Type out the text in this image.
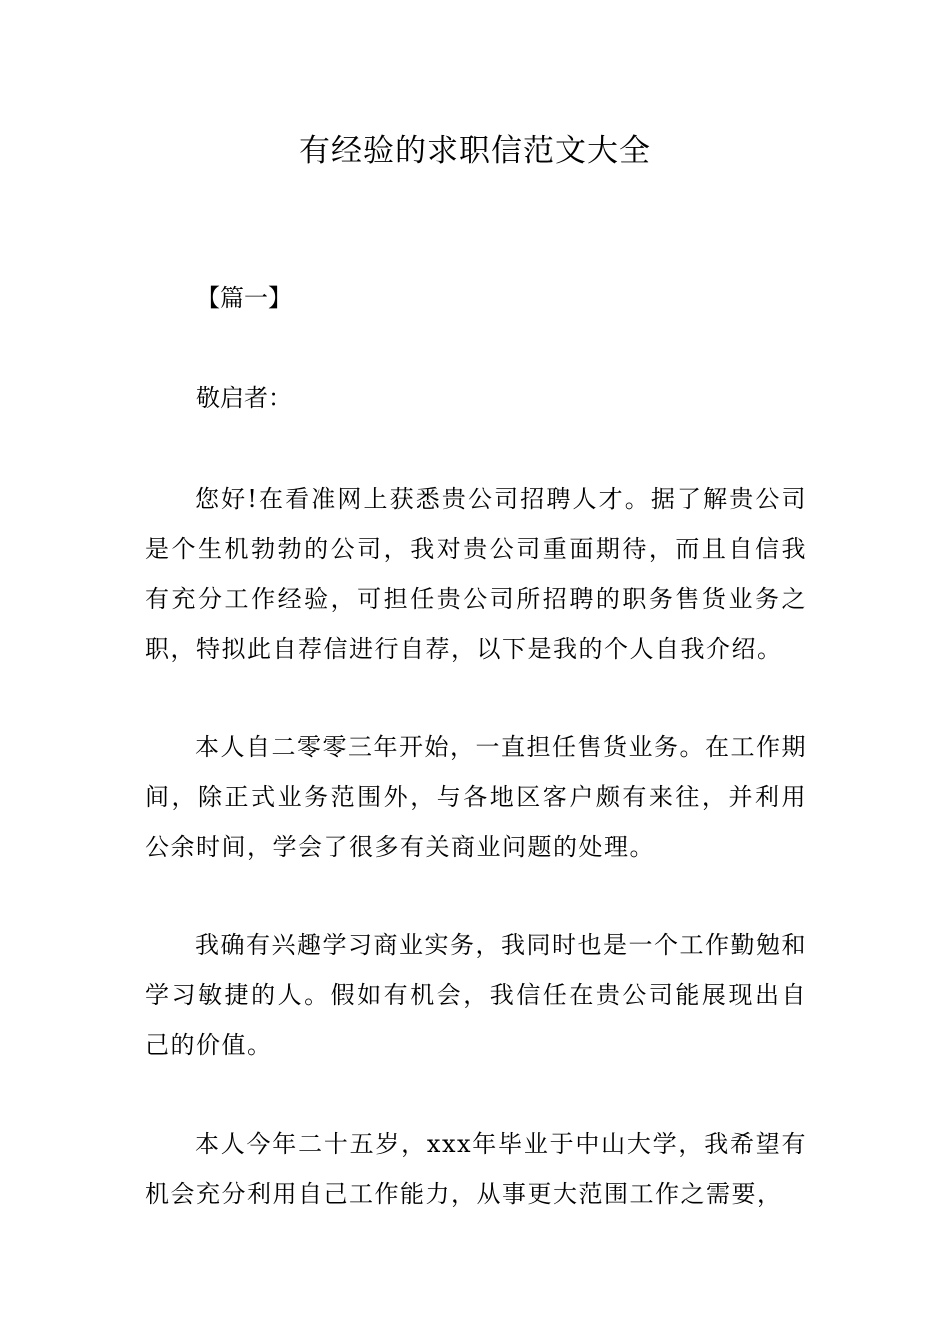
有经验的求职信范文大全

【篇一】

敬启者：

您好!在看准网上获悉贵公司招聘人才。据了解贵公司是个生机勃勃的公司，我对贵公司重面期待，而且自信我有充分工作经验，可担任贵公司所招聘的职务售货业务之职，特拟此自荐信进行自荐，以下是我的个人自我介绍。

本人自二零零三年开始，一直担任售货业务。在工作期间，除正式业务范围外，与各地区客户颇有来往，并利用公余时间，学会了很多有关商业问题的处理。

我确有兴趣学习商业实务，我同时也是一个工作勤勉和学习敏捷的人。假如有机会，我信任在贵公司能展现出自己的价值。

本人今年二十五岁，xxx年毕业于中山大学，我希望有机会充分利用自己工作能力，从事更大范围工作之需要，
